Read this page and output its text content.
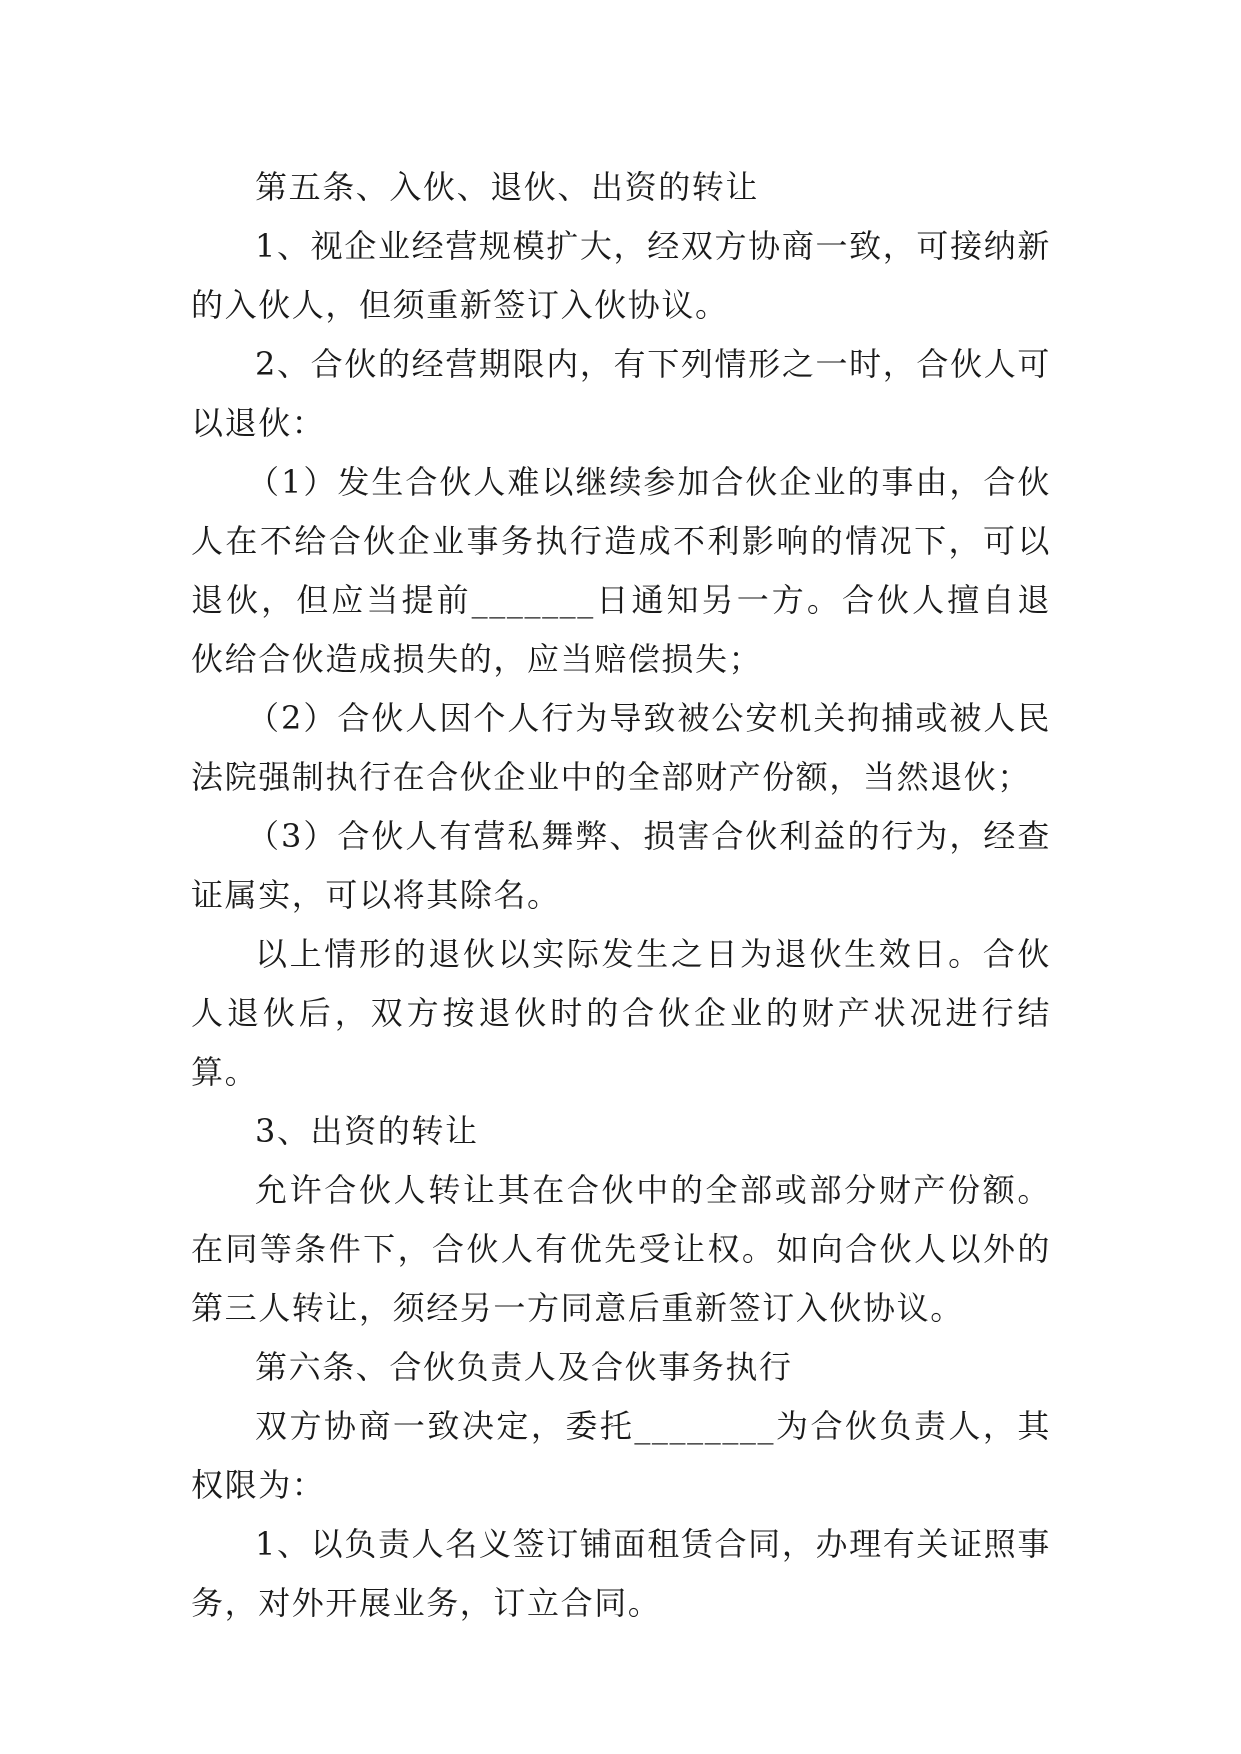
第五条、入伙、退伙、出资的转让

1、视企业经营规模扩大，经双方协商一致，可接纳新的入伙人，但须重新签订入伙协议。

2、合伙的经营期限内，有下列情形之一时，合伙人可以退伙：

（1）发生合伙人难以继续参加合伙企业的事由，合伙人在不给合伙企业事务执行造成不利影响的情况下，可以退伙，但应当提前_______日通知另一方。合伙人擅自退伙给合伙造成损失的，应当赔偿损失；

（2）合伙人因个人行为导致被公安机关拘捕或被人民法院强制执行在合伙企业中的全部财产份额，当然退伙；

（3）合伙人有营私舞弊、损害合伙利益的行为，经查证属实，可以将其除名。

以上情形的退伙以实际发生之日为退伙生效日。合伙人退伙后，双方按退伙时的合伙企业的财产状况进行结算。

3、出资的转让

允许合伙人转让其在合伙中的全部或部分财产份额。在同等条件下，合伙人有优先受让权。如向合伙人以外的第三人转让，须经另一方同意后重新签订入伙协议。

第六条、合伙负责人及合伙事务执行

双方协商一致决定，委托________为合伙负责人，其权限为：

1、以负责人名义签订铺面租赁合同，办理有关证照事务，对外开展业务，订立合同。
